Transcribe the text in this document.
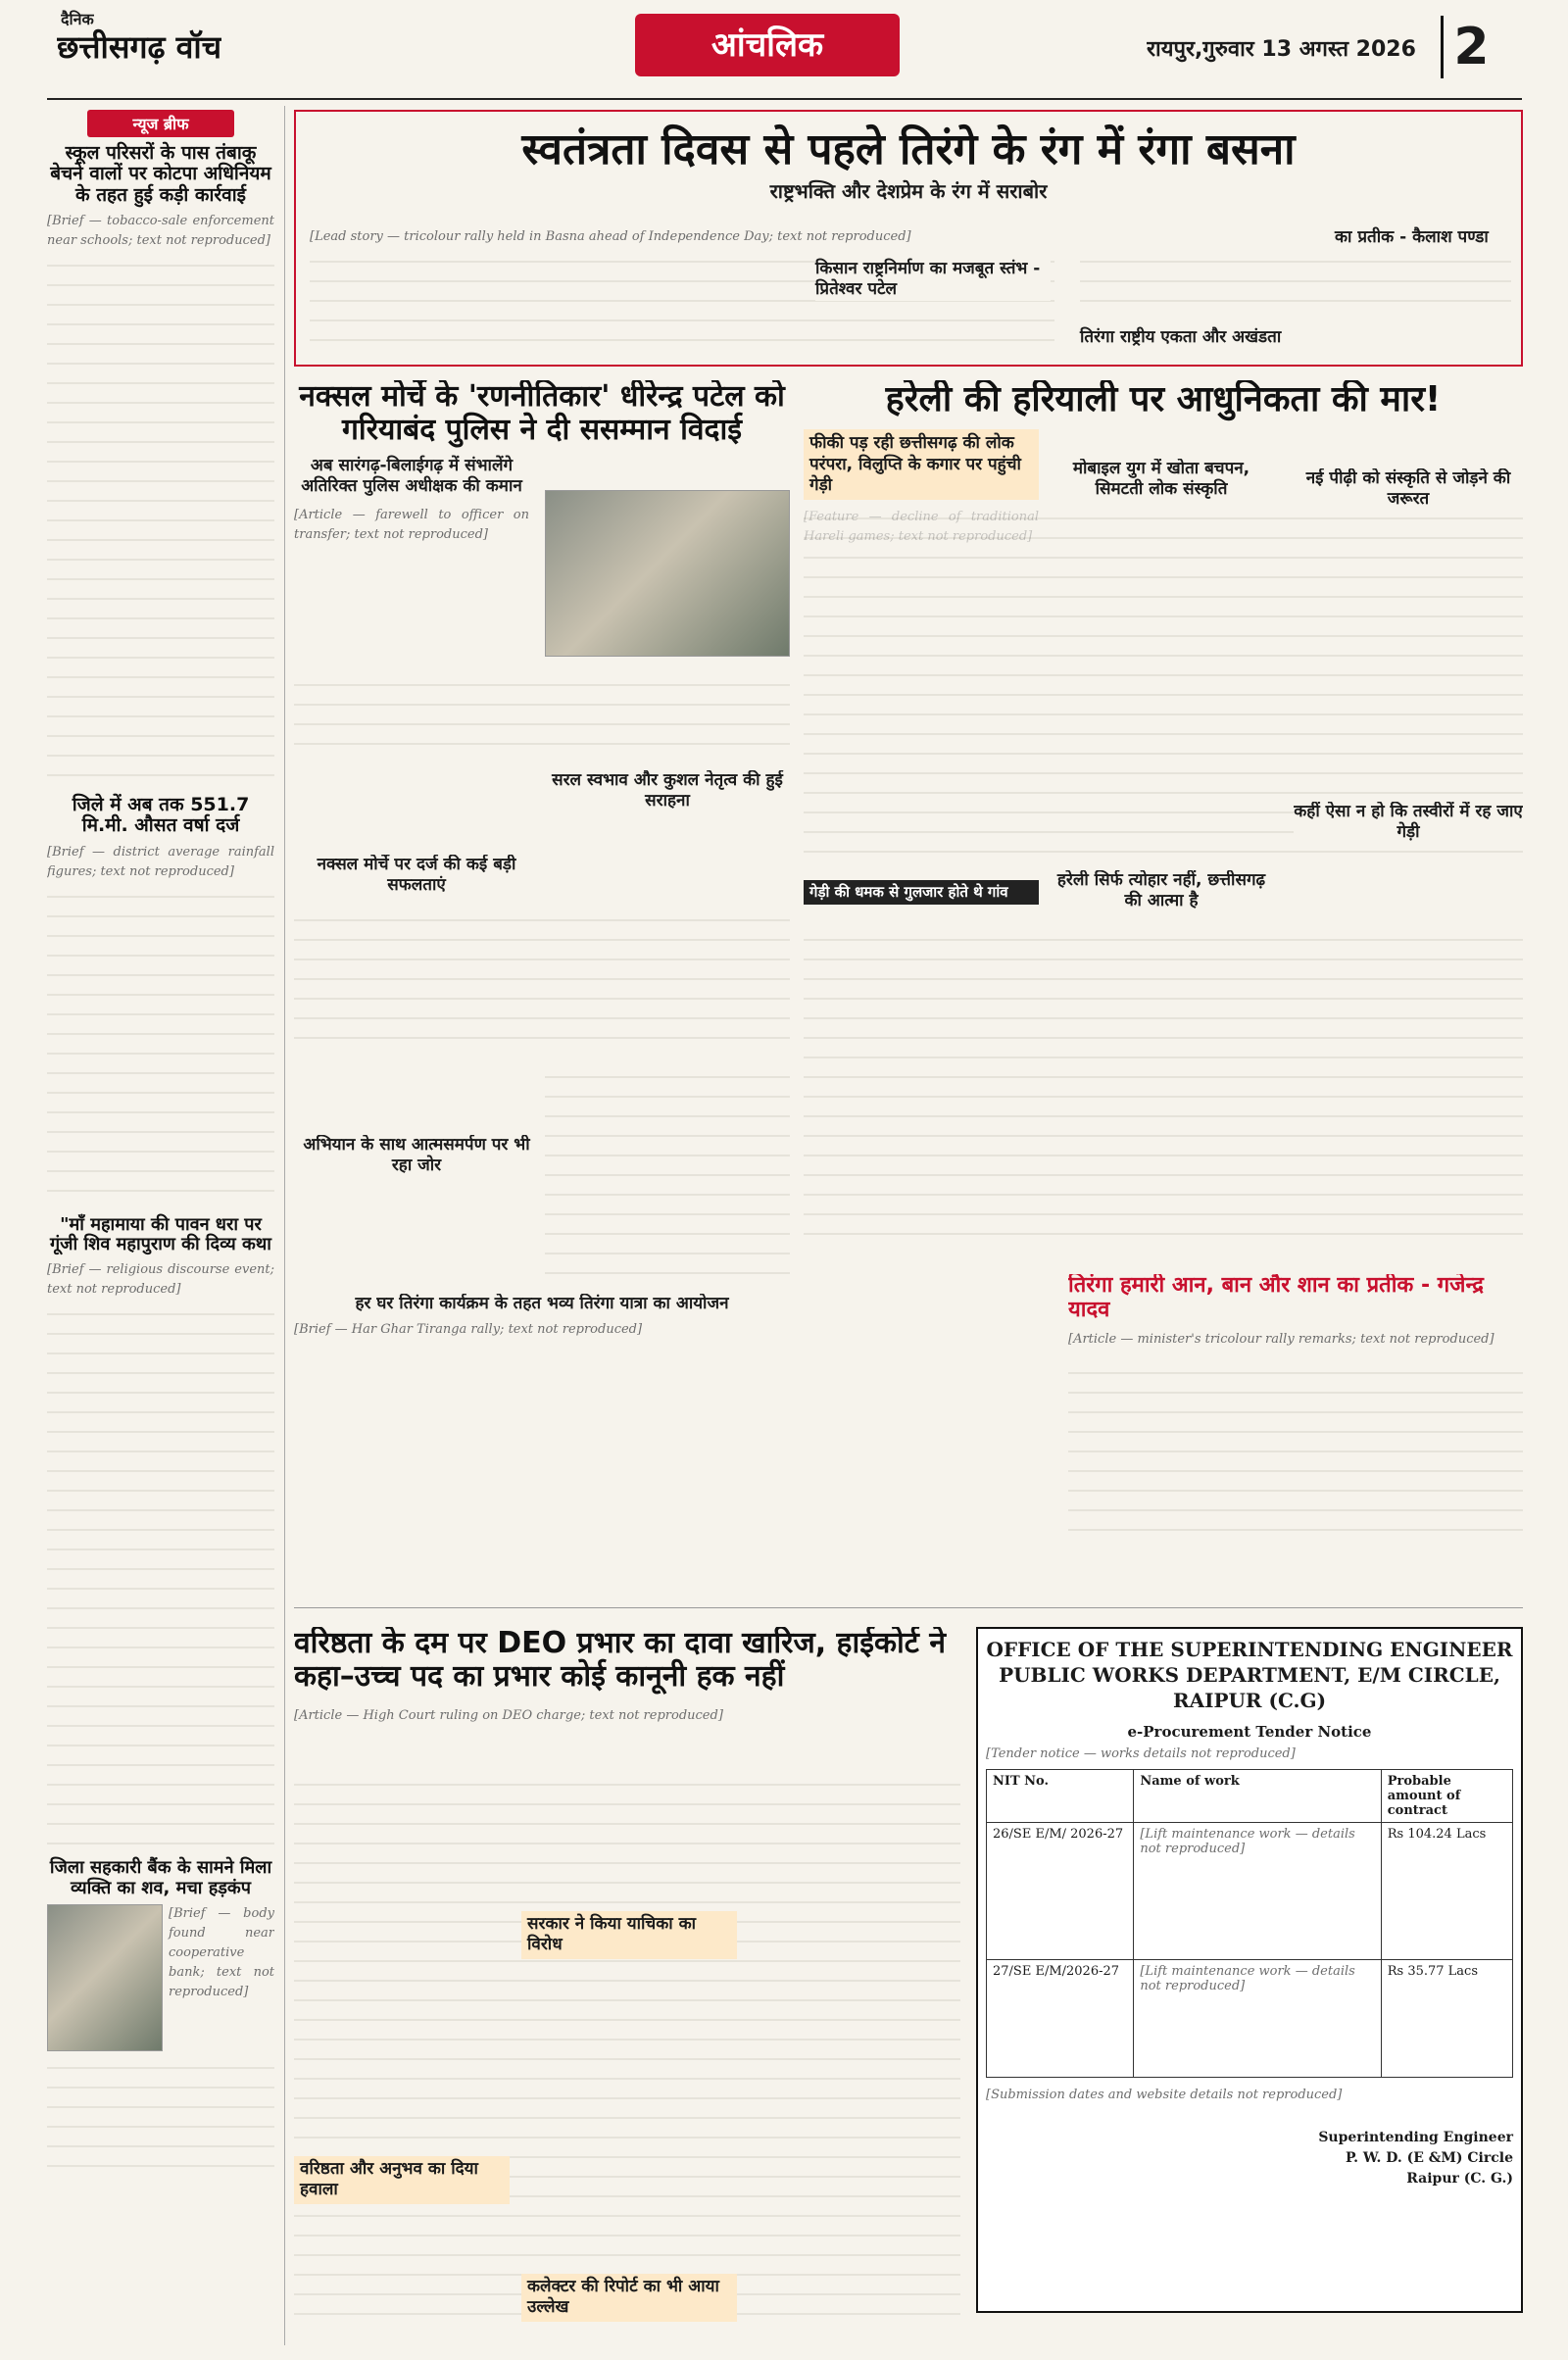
दैनिक
छत्तीसगढ़ वॉच	आंचलिक	रायपुर,गुरुवार 13 अगस्त 2026 2
न्यूज ब्रीफ
स्कूल परिसरों के पास तंबाकू बेचने वालों पर कोटपा अधिनियम के तहत हुई कड़ी कार्रवाई
[Brief — tobacco-sale enforcement near schools; text not reproduced]
जिले में अब तक 551.7 मि.मी. औसत वर्षा दर्ज
[Brief — district average rainfall figures; text not reproduced]
"माँ महामाया की पावन धरा पर गूंजी शिव महापुराण की दिव्य कथा
[Brief — religious discourse event; text not reproduced]
जिला सहकारी बैंक के सामने मिला व्यक्ति का शव, मचा हड़कंप
[Brief — body found near cooperative bank; text not reproduced]
स्वतंत्रता दिवस से पहले तिरंगे के रंग में रंगा बसना
राष्ट्रभक्ति और देशप्रेम के रंग में सराबोर
[Lead story — tricolour rally held in Basna ahead of Independence Day; text not reproduced]
किसान राष्ट्रनिर्माण का मजबूत स्तंभ - प्रितेश्वर पटेल
तिरंगा राष्ट्रीय एकता और अखंडता
का प्रतीक - कैलाश पण्डा
नक्सल मोर्चे के 'रणनीतिकार' धीरेन्द्र पटेल को गरियाबंद पुलिस ने दी ससम्मान विदाई
अब सारंगढ़-बिलाईगढ़ में संभालेंगे अतिरिक्त पुलिस अधीक्षक की कमान
[Article — farewell to officer on transfer; text not reproduced]
सरल स्वभाव और कुशल नेतृत्व की हुई सराहना
नक्सल मोर्चे पर दर्ज की कई बड़ी सफलताएं
अभियान के साथ आत्मसमर्पण पर भी रहा जोर
हर घर तिरंगा कार्यक्रम के तहत भव्य तिरंगा यात्रा का आयोजन
[Brief — Har Ghar Tiranga rally; text not reproduced]
हरेली की हरियाली पर आधुनिकता की मार!
फीकी पड़ रही छत्तीसगढ़ की लोक परंपरा, विलुप्ति के कगार पर पहुंची गेड़ी
मोबाइल युग में खोता बचपन, सिमटती लोक संस्कृति
नई पीढ़ी को संस्कृति से जोड़ने की जरूरत
गेड़ी की धमक से गुलजार होते थे गांव
हरेली सिर्फ त्योहार नहीं, छत्तीसगढ़ की आत्मा है
कहीं ऐसा न हो कि तस्वीरों में रह जाए गेड़ी
तिरंगा हमारी आन, बान और शान का प्रतीक - गजेन्द्र यादव
[Article — minister's tricolour rally remarks; text not reproduced]
वरिष्ठता के दम पर DEO प्रभार का दावा खारिज, हाईकोर्ट ने कहा–उच्च पद का प्रभार कोई कानूनी हक नहीं
[Article — High Court ruling on DEO charge; text not reproduced]
सरकार ने किया याचिका का विरोध
वरिष्ठता और अनुभव का दिया हवाला
कलेक्टर की रिपोर्ट का भी आया उल्लेख
OFFICE OF THE SUPERINTENDING ENGINEER PUBLIC WORKS DEPARTMENT, E/M CIRCLE, RAIPUR (C.G)
e-Procurement Tender Notice
[Tender notice — works details not reproduced]
NIT No.	Name of work	Probable amount of contract
26/SE E/M/ 2026-27	[Lift maintenance work — details not reproduced]	Rs 104.24 Lacs
27/SE E/M/2026-27	[Lift maintenance work — details not reproduced]	Rs 35.77 Lacs
[Submission dates and website details not reproduced]
Superintending Engineer
P. W. D. (E &M) Circle
Raipur (C. G.)
